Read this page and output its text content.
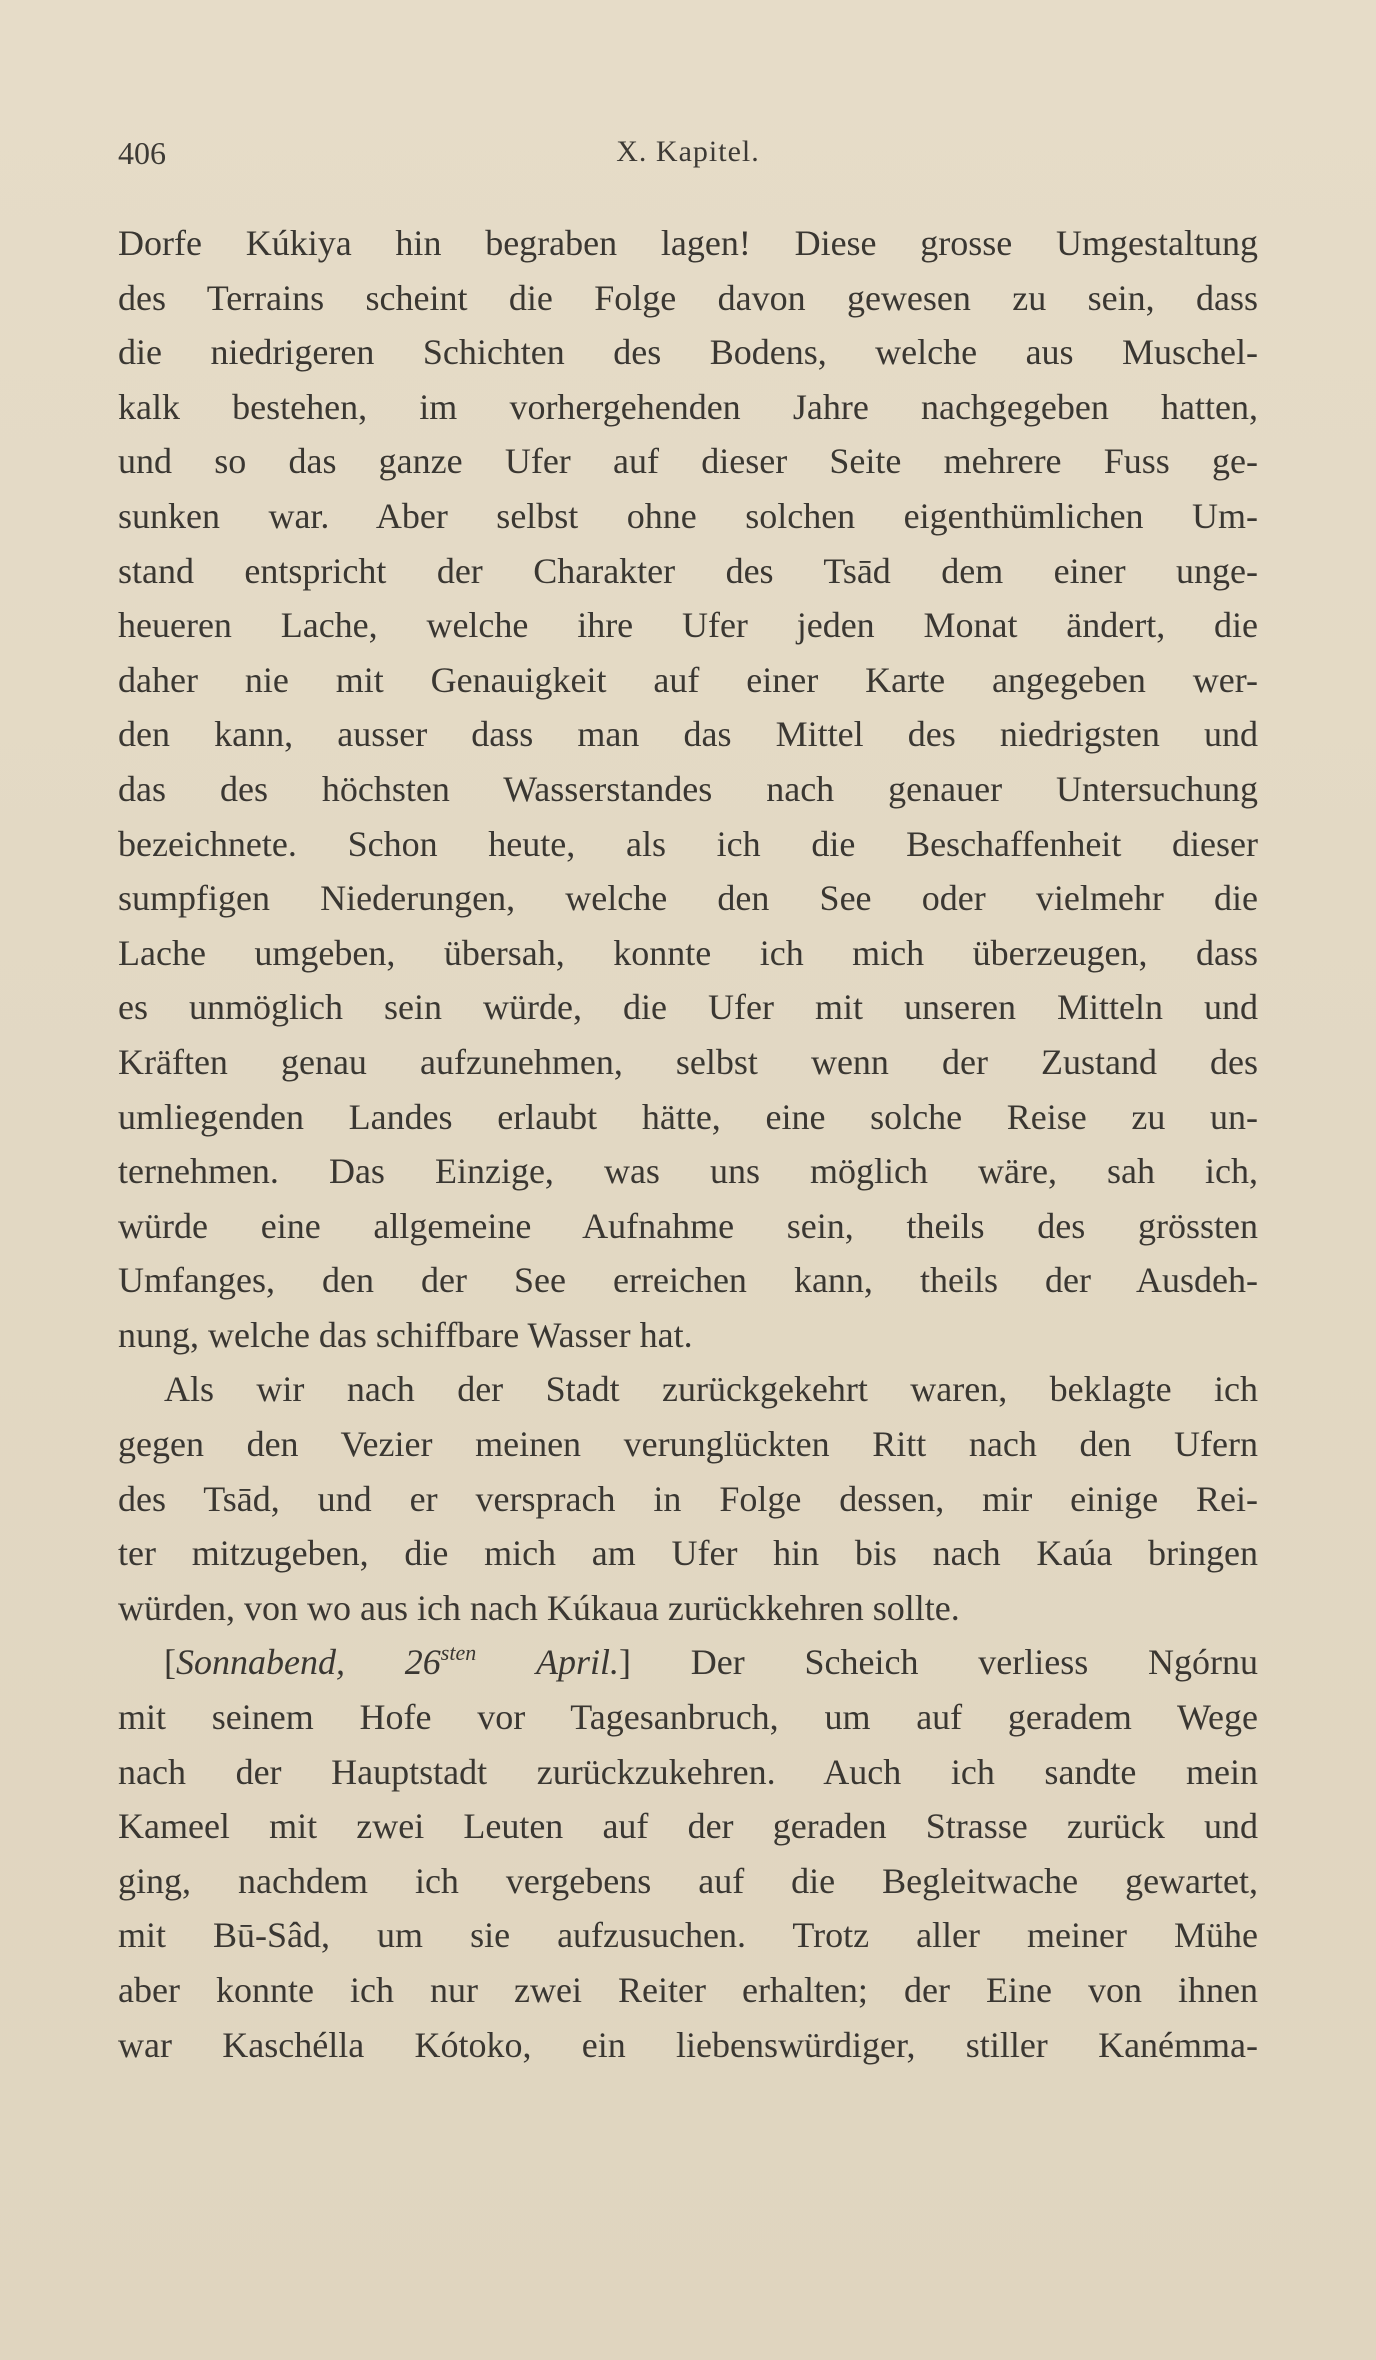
406	X. Kapitel.
Dorfe Kúkiya hin begraben lagen! Diese grosse Umgestaltung
des Terrains scheint die Folge davon gewesen zu sein, dass
die niedrigeren Schichten des Bodens, welche aus Muschel-
kalk bestehen, im vorhergehenden Jahre nachgegeben hatten,
und so das ganze Ufer auf dieser Seite mehrere Fuss ge-
sunken war. Aber selbst ohne solchen eigenthümlichen Um-
stand entspricht der Charakter des Tsād dem einer unge-
heueren Lache, welche ihre Ufer jeden Monat ändert, die
daher nie mit Genauigkeit auf einer Karte angegeben wer-
den kann, ausser dass man das Mittel des niedrigsten und
das des höchsten Wasserstandes nach genauer Untersuchung
bezeichnete. Schon heute, als ich die Beschaffenheit dieser
sumpfigen Niederungen, welche den See oder vielmehr die
Lache umgeben, übersah, konnte ich mich überzeugen, dass
es unmöglich sein würde, die Ufer mit unseren Mitteln und
Kräften genau aufzunehmen, selbst wenn der Zustand des
umliegenden Landes erlaubt hätte, eine solche Reise zu un-
ternehmen. Das Einzige, was uns möglich wäre, sah ich,
würde eine allgemeine Aufnahme sein, theils des grössten
Umfanges, den der See erreichen kann, theils der Ausdeh-
nung, welche das schiffbare Wasser hat.
Als wir nach der Stadt zurückgekehrt waren, beklagte ich
gegen den Vezier meinen verunglückten Ritt nach den Ufern
des Tsād, und er versprach in Folge dessen, mir einige Rei-
ter mitzugeben, die mich am Ufer hin bis nach Kaúa bringen
würden, von wo aus ich nach Kúkaua zurückkehren sollte.
[Sonnabend, $26^{sten}$ April.] Der Scheich verliess Ngórnu
mit seinem Hofe vor Tagesanbruch, um auf geradem Wege
nach der Hauptstadt zurückzukehren. Auch ich sandte mein
Kameel mit zwei Leuten auf der geraden Strasse zurück und
ging, nachdem ich vergebens auf die Begleitwache gewartet,
mit Bū-Sâd, um sie aufzusuchen. Trotz aller meiner Mühe
aber konnte ich nur zwei Reiter erhalten; der Eine von ihnen
war Kaschélla Kótoko, ein liebenswürdiger, stiller Kanémma-
